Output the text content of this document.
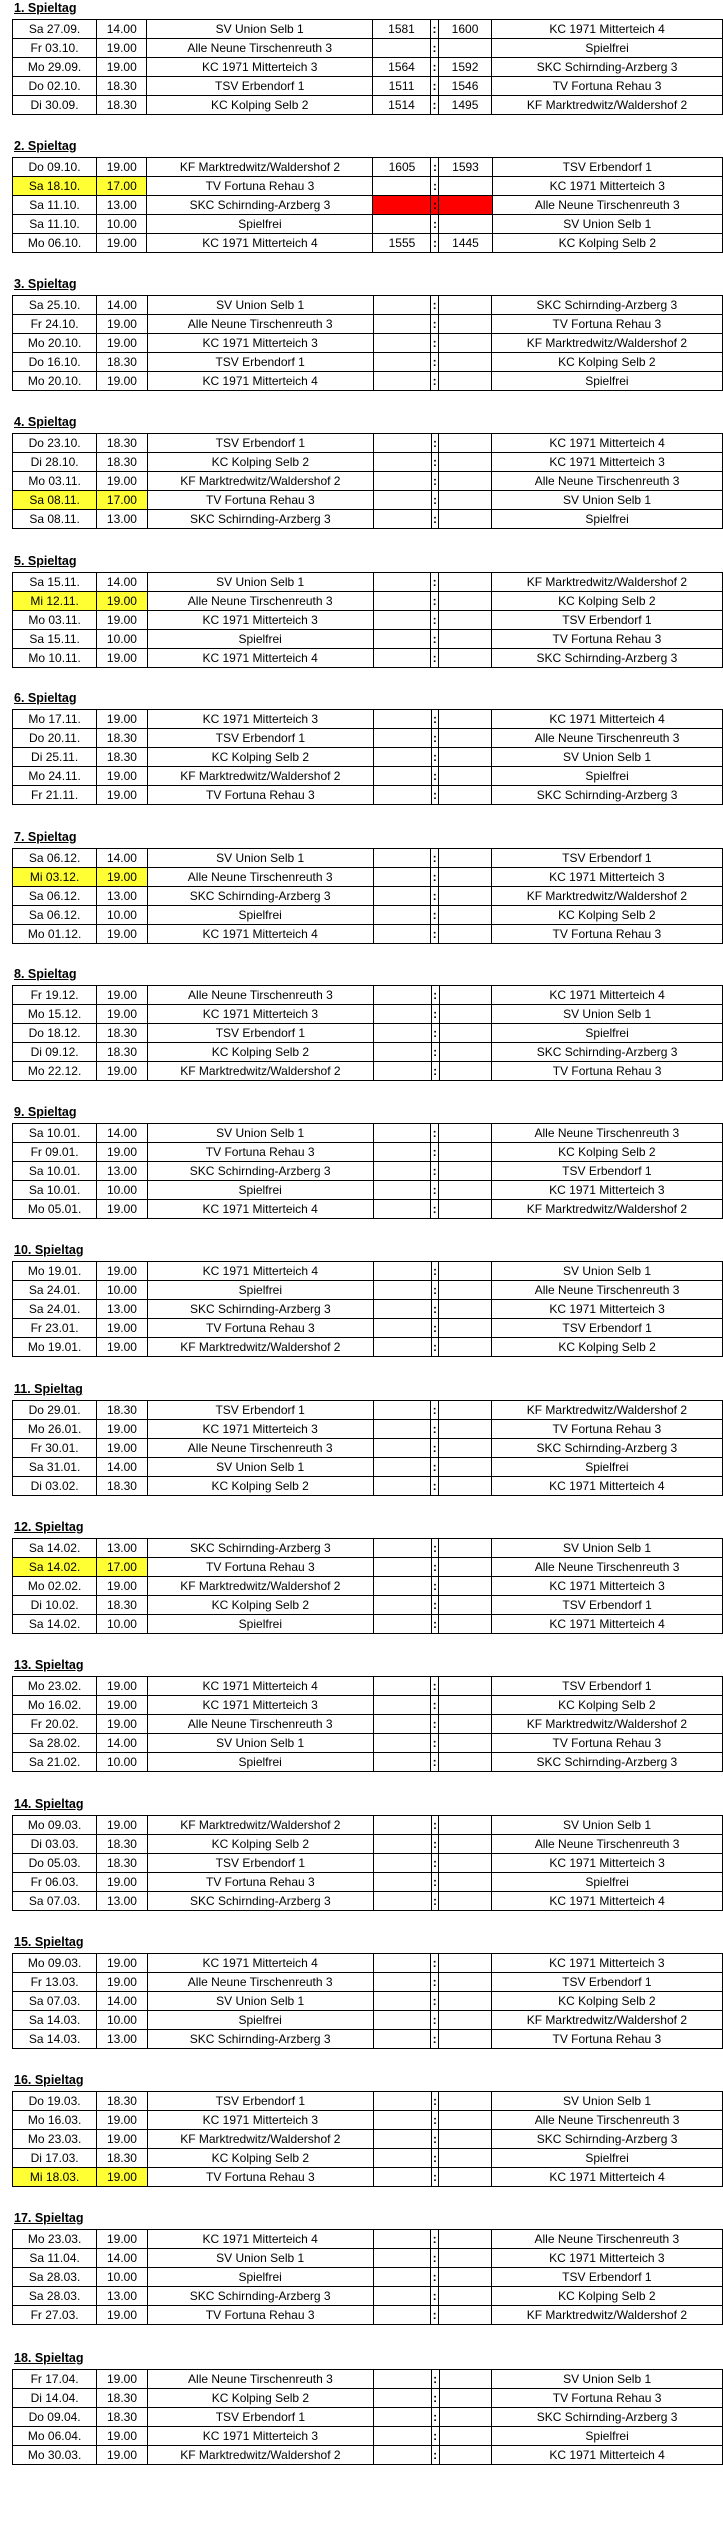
1. Spieltag
Sa 27.09.	14.00	SV Union Selb 1	1581	:	1600	KC 1971 Mitterteich 4
Fr 03.10.	19.00	Alle Neune Tirschenreuth 3		:		Spielfrei
Mo 29.09.	19.00	KC 1971 Mitterteich 3	1564	:	1592	SKC Schirnding-Arzberg 3
Do 02.10.	18.30	TSV Erbendorf 1	1511	:	1546	TV Fortuna Rehau 3
Di 30.09.	18.30	KC Kolping Selb 2	1514	:	1495	KF Marktredwitz/Waldershof 2
2. Spieltag
Do 09.10.	19.00	KF Marktredwitz/Waldershof 2	1605	:	1593	TSV Erbendorf 1
Sa 18.10.	17.00	TV Fortuna Rehau 3		:		KC 1971 Mitterteich 3
Sa 11.10.	13.00	SKC Schirnding-Arzberg 3		:		Alle Neune Tirschenreuth 3
Sa 11.10.	10.00	Spielfrei		:		SV Union Selb 1
Mo 06.10.	19.00	KC 1971 Mitterteich 4	1555	:	1445	KC Kolping Selb 2
3. Spieltag
Sa 25.10.	14.00	SV Union Selb 1		:		SKC Schirnding-Arzberg 3
Fr 24.10.	19.00	Alle Neune Tirschenreuth 3		:		TV Fortuna Rehau 3
Mo 20.10.	19.00	KC 1971 Mitterteich 3		:		KF Marktredwitz/Waldershof 2
Do 16.10.	18.30	TSV Erbendorf 1		:		KC Kolping Selb 2
Mo 20.10.	19.00	KC 1971 Mitterteich 4		:		Spielfrei
4. Spieltag
Do 23.10.	18.30	TSV Erbendorf 1		:		KC 1971 Mitterteich 4
Di 28.10.	18.30	KC Kolping Selb 2		:		KC 1971 Mitterteich 3
Mo 03.11.	19.00	KF Marktredwitz/Waldershof 2		:		Alle Neune Tirschenreuth 3
Sa 08.11.	17.00	TV Fortuna Rehau 3		:		SV Union Selb 1
Sa 08.11.	13.00	SKC Schirnding-Arzberg 3		:		Spielfrei
5. Spieltag
Sa 15.11.	14.00	SV Union Selb 1		:		KF Marktredwitz/Waldershof 2
Mi 12.11.	19.00	Alle Neune Tirschenreuth 3		:		KC Kolping Selb 2
Mo 03.11.	19.00	KC 1971 Mitterteich 3		:		TSV Erbendorf 1
Sa 15.11.	10.00	Spielfrei		:		TV Fortuna Rehau 3
Mo 10.11.	19.00	KC 1971 Mitterteich 4		:		SKC Schirnding-Arzberg 3
6. Spieltag
Mo 17.11.	19.00	KC 1971 Mitterteich 3		:		KC 1971 Mitterteich 4
Do 20.11.	18.30	TSV Erbendorf 1		:		Alle Neune Tirschenreuth 3
Di 25.11.	18.30	KC Kolping Selb 2		:		SV Union Selb 1
Mo 24.11.	19.00	KF Marktredwitz/Waldershof 2		:		Spielfrei
Fr 21.11.	19.00	TV Fortuna Rehau 3		:		SKC Schirnding-Arzberg 3
7. Spieltag
Sa 06.12.	14.00	SV Union Selb 1		:		TSV Erbendorf 1
Mi 03.12.	19.00	Alle Neune Tirschenreuth 3		:		KC 1971 Mitterteich 3
Sa 06.12.	13.00	SKC Schirnding-Arzberg 3		:		KF Marktredwitz/Waldershof 2
Sa 06.12.	10.00	Spielfrei		:		KC Kolping Selb 2
Mo 01.12.	19.00	KC 1971 Mitterteich 4		:		TV Fortuna Rehau 3
8. Spieltag
Fr 19.12.	19.00	Alle Neune Tirschenreuth 3		:		KC 1971 Mitterteich 4
Mo 15.12.	19.00	KC 1971 Mitterteich 3		:		SV Union Selb 1
Do 18.12.	18.30	TSV Erbendorf 1		:		Spielfrei
Di 09.12.	18.30	KC Kolping Selb 2		:		SKC Schirnding-Arzberg 3
Mo 22.12.	19.00	KF Marktredwitz/Waldershof 2		:		TV Fortuna Rehau 3
9. Spieltag
Sa 10.01.	14.00	SV Union Selb 1		:		Alle Neune Tirschenreuth 3
Fr 09.01.	19.00	TV Fortuna Rehau 3		:		KC Kolping Selb 2
Sa 10.01.	13.00	SKC Schirnding-Arzberg 3		:		TSV Erbendorf 1
Sa 10.01.	10.00	Spielfrei		:		KC 1971 Mitterteich 3
Mo 05.01.	19.00	KC 1971 Mitterteich 4		:		KF Marktredwitz/Waldershof 2
10. Spieltag
Mo 19.01.	19.00	KC 1971 Mitterteich 4		:		SV Union Selb 1
Sa 24.01.	10.00	Spielfrei		:		Alle Neune Tirschenreuth 3
Sa 24.01.	13.00	SKC Schirnding-Arzberg 3		:		KC 1971 Mitterteich 3
Fr 23.01.	19.00	TV Fortuna Rehau 3		:		TSV Erbendorf 1
Mo 19.01.	19.00	KF Marktredwitz/Waldershof 2		:		KC Kolping Selb 2
11. Spieltag
Do 29.01.	18.30	TSV Erbendorf 1		:		KF Marktredwitz/Waldershof 2
Mo 26.01.	19.00	KC 1971 Mitterteich 3		:		TV Fortuna Rehau 3
Fr 30.01.	19.00	Alle Neune Tirschenreuth 3		:		SKC Schirnding-Arzberg 3
Sa 31.01.	14.00	SV Union Selb 1		:		Spielfrei
Di 03.02.	18.30	KC Kolping Selb 2		:		KC 1971 Mitterteich 4
12. Spieltag
Sa 14.02.	13.00	SKC Schirnding-Arzberg 3		:		SV Union Selb 1
Sa 14.02.	17.00	TV Fortuna Rehau 3		:		Alle Neune Tirschenreuth 3
Mo 02.02.	19.00	KF Marktredwitz/Waldershof 2		:		KC 1971 Mitterteich 3
Di 10.02.	18.30	KC Kolping Selb 2		:		TSV Erbendorf 1
Sa 14.02.	10.00	Spielfrei		:		KC 1971 Mitterteich 4
13. Spieltag
Mo 23.02.	19.00	KC 1971 Mitterteich 4		:		TSV Erbendorf 1
Mo 16.02.	19.00	KC 1971 Mitterteich 3		:		KC Kolping Selb 2
Fr 20.02.	19.00	Alle Neune Tirschenreuth 3		:		KF Marktredwitz/Waldershof 2
Sa 28.02.	14.00	SV Union Selb 1		:		TV Fortuna Rehau 3
Sa 21.02.	10.00	Spielfrei		:		SKC Schirnding-Arzberg 3
14. Spieltag
Mo 09.03.	19.00	KF Marktredwitz/Waldershof 2		:		SV Union Selb 1
Di 03.03.	18.30	KC Kolping Selb 2		:		Alle Neune Tirschenreuth 3
Do 05.03.	18.30	TSV Erbendorf 1		:		KC 1971 Mitterteich 3
Fr 06.03.	19.00	TV Fortuna Rehau 3		:		Spielfrei
Sa 07.03.	13.00	SKC Schirnding-Arzberg 3		:		KC 1971 Mitterteich 4
15. Spieltag
Mo 09.03.	19.00	KC 1971 Mitterteich 4		:		KC 1971 Mitterteich 3
Fr 13.03.	19.00	Alle Neune Tirschenreuth 3		:		TSV Erbendorf 1
Sa 07.03.	14.00	SV Union Selb 1		:		KC Kolping Selb 2
Sa 14.03.	10.00	Spielfrei		:		KF Marktredwitz/Waldershof 2
Sa 14.03.	13.00	SKC Schirnding-Arzberg 3		:		TV Fortuna Rehau 3
16. Spieltag
Do 19.03.	18.30	TSV Erbendorf 1		:		SV Union Selb 1
Mo 16.03.	19.00	KC 1971 Mitterteich 3		:		Alle Neune Tirschenreuth 3
Mo 23.03.	19.00	KF Marktredwitz/Waldershof 2		:		SKC Schirnding-Arzberg 3
Di 17.03.	18.30	KC Kolping Selb 2		:		Spielfrei
Mi 18.03.	19.00	TV Fortuna Rehau 3		:		KC 1971 Mitterteich 4
17. Spieltag
Mo 23.03.	19.00	KC 1971 Mitterteich 4		:		Alle Neune Tirschenreuth 3
Sa 11.04.	14.00	SV Union Selb 1		:		KC 1971 Mitterteich 3
Sa 28.03.	10.00	Spielfrei		:		TSV Erbendorf 1
Sa 28.03.	13.00	SKC Schirnding-Arzberg 3		:		KC Kolping Selb 2
Fr 27.03.	19.00	TV Fortuna Rehau 3		:		KF Marktredwitz/Waldershof 2
18. Spieltag
Fr 17.04.	19.00	Alle Neune Tirschenreuth 3		:		SV Union Selb 1
Di 14.04.	18.30	KC Kolping Selb 2		:		TV Fortuna Rehau 3
Do 09.04.	18.30	TSV Erbendorf 1		:		SKC Schirnding-Arzberg 3
Mo 06.04.	19.00	KC 1971 Mitterteich 3		:		Spielfrei
Mo 30.03.	19.00	KF Marktredwitz/Waldershof 2		:		KC 1971 Mitterteich 4
